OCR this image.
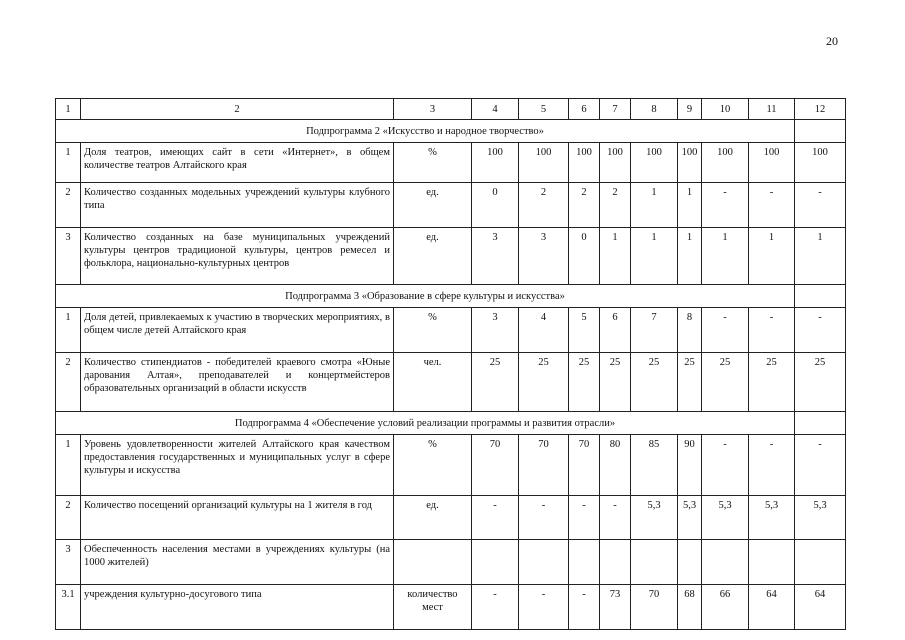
20
1	2	3	4	5	6	7	8	9	10	11	12
Подпрограмма 2 «Искусство и народное творчество»											
1	Доля театров, имеющих сайт в сети «Интернет», в общем количестве театров Алтайского края	%	100	100	100	100	100	100	100	100	100
2	Количество созданных модельных учреждений культуры клубного типа	ед.	0	2	2	2	1	1	-	-	-
3	Количество созданных на базе муниципальных учреждений культуры центров традиционой культуры, центров ремесел и фольклора, национально-культурных центров	ед.	3	3	0	1	1	1	1	1	1
Подпрограмма 3 «Образование в сфере культуры и искусства»											
1	Доля детей, привлекаемых к участию в творческих мероприятиях, в общем числе детей Алтайского края	%	3	4	5	6	7	8	-	-	-
2	Количество стипендиатов - победителей краевого смотра «Юные дарования Алтая», преподавателей и концертмейстеров образовательных организаций в области искусств	чел.	25	25	25	25	25	25	25	25	25
Подпрограмма 4 «Обеспечение условий реализации программы и развития отрасли»											
1	Уровень удовлетворенности жителей Алтайского края качеством предоставления государственных и муниципальных услуг в сфере культуры и искусства	%	70	70	70	80	85	90	-	-	-
2	Количество посещений организаций культуры на 1 жителя в год	ед.	-	-	-	-	5,3	5,3	5,3	5,3	5,3
3	Обеспеченность населения местами в учреждениях культуры (на 1000 жителей)										
3.1	учреждения культурно-досугового типа	количество мест	-	-	-	73	70	68	66	64	64
